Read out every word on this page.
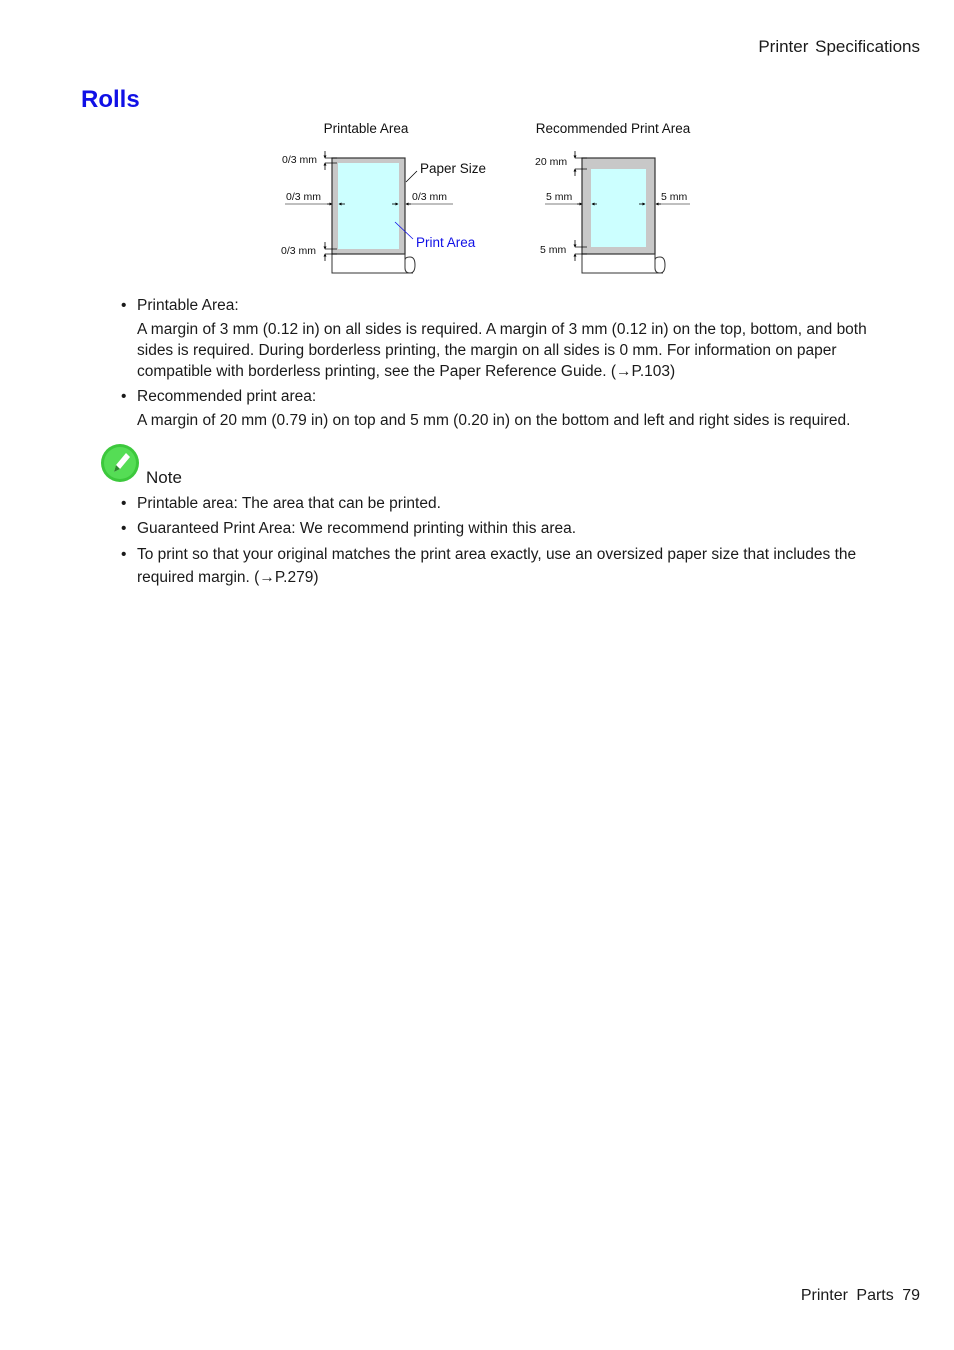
Printer Specifications
Rolls
Printable Area
0/3 mm
0/3 mm	0/3 mm
0/3 mm
Paper Size
Print Area
Recommended Print Area
20 mm
5 mm	5 mm
5 mm
• Printable Area:
A margin of 3 mm (0.12 in) on all sides is required. A margin of 3 mm (0.12 in) on the top, bottom, and both sides is required. During borderless printing, the margin on all sides is 0 mm. For information on paper compatible with borderless printing, see the Paper Reference Guide. (→P.103)
• Recommended print area:
A margin of 20 mm (0.79 in) on top and 5 mm (0.20 in) on the bottom and left and right sides is required.
Note
• Printable area: The area that can be printed.
• Guaranteed Print Area: We recommend printing within this area.
• To print so that your original matches the print area exactly, use an oversized paper size that includes the required margin. (→P.279)
Printer Parts 79
